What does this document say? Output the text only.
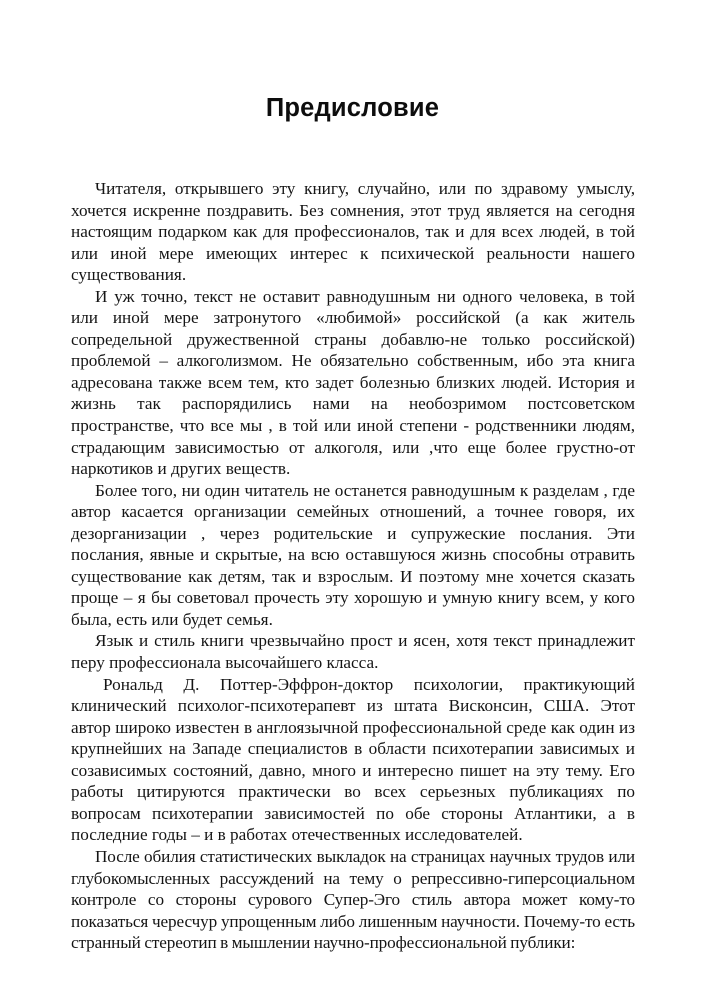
Предисловие

Читателя, открывшего эту книгу, случайно, или по здравому умыслу, хочется искренне поздравить. Без сомнения, этот труд является на сегодня настоящим подарком как для профессионалов, так и для всех людей, в той или иной мере имеющих интерес к психической реальности нашего существования.

И уж точно, текст не оставит равнодушным ни одного человека, в той или иной мере затронутого «любимой» российской (а как житель сопредельной дружественной страны добавлю-не только российской) проблемой – алкоголизмом. Не обязательно собственным, ибо эта книга адресована также всем тем, кто задет болезнью близких людей. История и жизнь так распорядились нами на необозримом постсоветском пространстве, что все мы , в той или иной степени - родственники людям, страдающим зависимостью от алкоголя, или ,что еще более грустно-от наркотиков и других веществ.

Более того, ни один читатель не останется равнодушным к разделам , где автор касается организации семейных отношений, а точнее говоря, их дезорганизации , через родительские и супружеские послания. Эти послания, явные и скрытые, на всю оставшуюся жизнь способны отравить существование как детям, так и взрослым. И поэтому мне хочется сказать проще – я бы советовал прочесть эту хорошую и умную книгу всем, у кого была, есть или будет семья.

Язык и стиль книги чрезвычайно прост и ясен, хотя текст принадлежит перу профессионала высочайшего класса.

Рональд Д. Поттер-Эффрон-доктор психологии, практикующий клинический психолог-психотерапевт из штата Висконсин, США. Этот автор широко известен в англоязычной профессиональной среде как один из крупнейших на Западе специалистов в области психотерапии зависимых и созависимых состояний, давно, много и интересно пишет на эту тему. Его работы цитируются практически во всех серьезных публикациях по вопросам психотерапии зависимостей по обе стороны Атлантики, а в последние годы – и в работах отечественных исследователей.

После обилия статистических выкладок на страницах научных трудов или глубокомысленных рассуждений на тему о репрессивно-гиперсоциальном контроле со стороны сурового Супер-Эго стиль автора может кому-то показаться чересчур упрощенным либо лишенным научности. Почему-то есть странный стереотип в мышлении научно-профессиональной публики:
